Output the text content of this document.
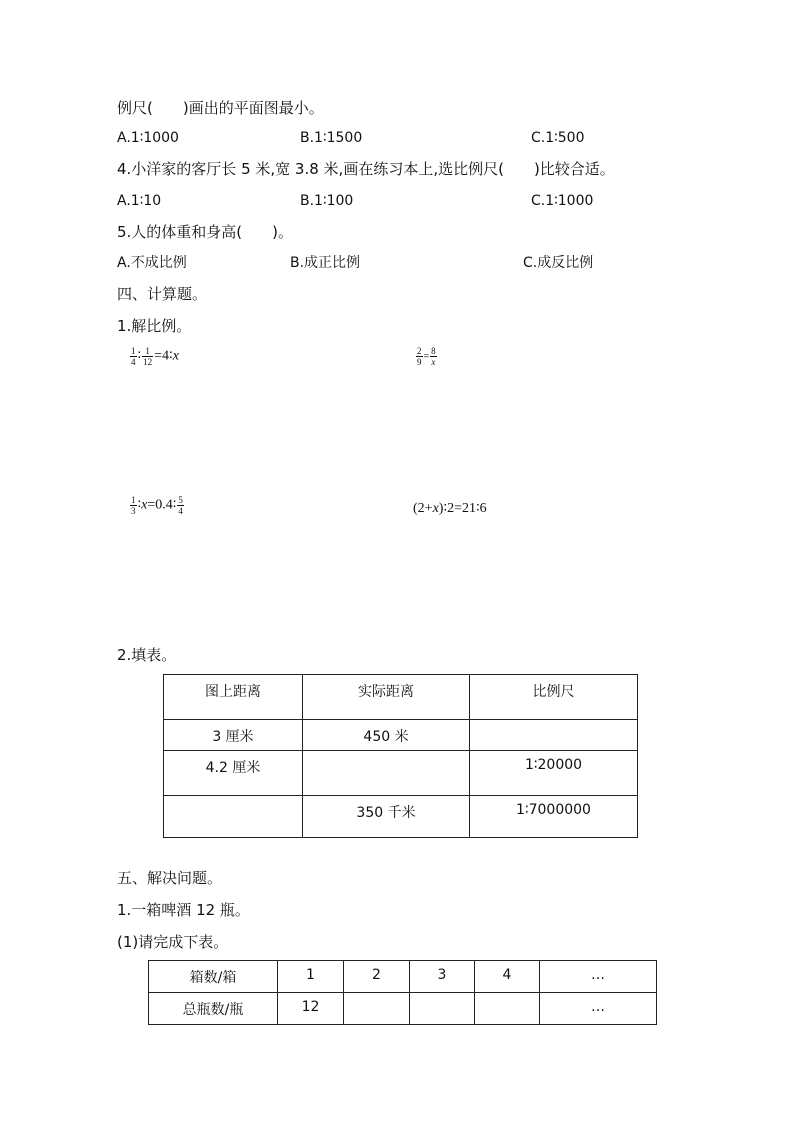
例尺(　　)画出的平面图最小。
A.1∶1000	B.1∶1500	C.1∶500
4.小洋家的客厅长 5 米,宽 3.8 米,画在练习本上,选比例尺(　　)比较合适。
A.1∶10	B.1∶100	C.1∶1000
5.人的体重和身高(　　)。
A.不成比例	B.成正比例	C.成反比例
四、计算题。
1.解比例。
$\frac{1}{4}$ ∶ $\frac{1}{12}$ =4∶x	$\frac{2}{9} = \frac{8}{x}$
$\frac{1}{3}$ ∶x=0.4∶ $\frac{5}{4}$	(2+x)∶2=21∶6
2.填表。
图上距离	实际距离	比例尺
3 厘米	450 米	
4.2 厘米		1∶20000
	350 千米	1∶7000000
五、解决问题。
1.一箱啤酒 12 瓶。
(1)请完成下表。
箱数/箱	1	2	3	4	…
总瓶数/瓶	12				…
